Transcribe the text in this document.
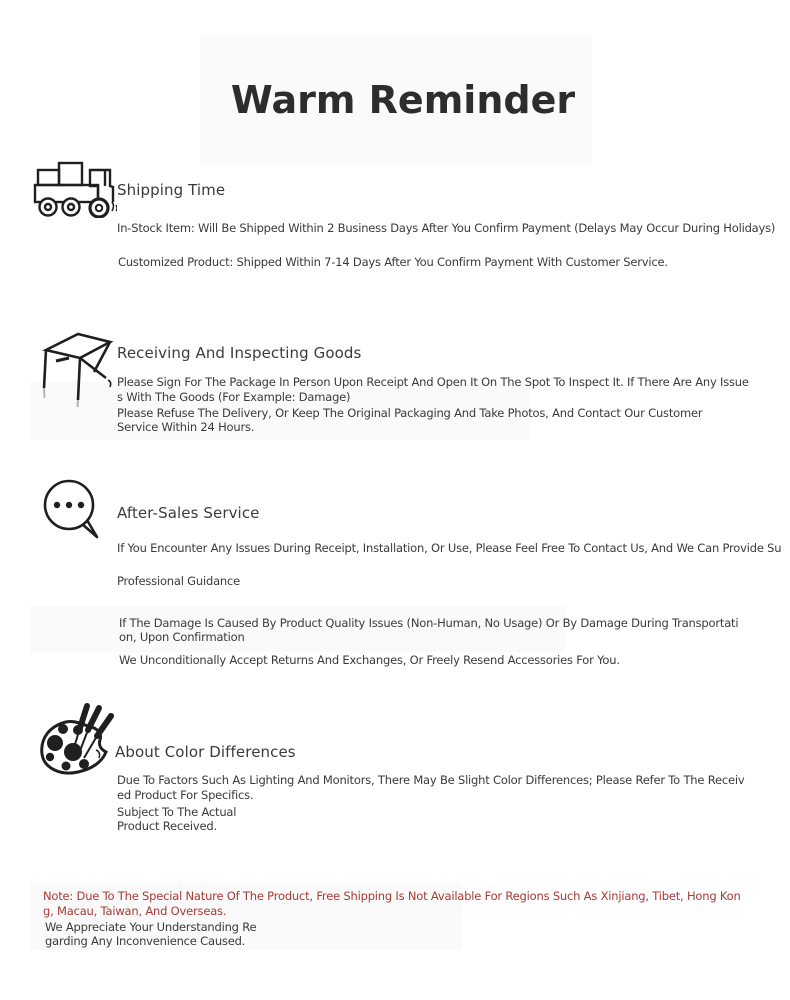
Warm Reminder
Shipping Time
In-Stock Item: Will Be Shipped Within 2 Business Days After You Confirm Payment (Delays May Occur During Holidays)
Customized Product: Shipped Within 7-14 Days After You Confirm Payment With Customer Service.
Receiving And Inspecting Goods
Please Sign For The Package In Person Upon Receipt And Open It On The Spot To Inspect It. If There Are Any Issue
s With The Goods (For Example: Damage)
Please Refuse The Delivery, Or Keep The Original Packaging And Take Photos, And Contact Our Customer
Service Within 24 Hours.
After-Sales Service
If You Encounter Any Issues During Receipt, Installation, Or Use, Please Feel Free To Contact Us, And We Can Provide Su
Professional Guidance
If The Damage Is Caused By Product Quality Issues (Non-Human, No Usage) Or By Damage During Transportati
on, Upon Confirmation
We Unconditionally Accept Returns And Exchanges, Or Freely Resend Accessories For You.
About Color Differences
Due To Factors Such As Lighting And Monitors, There May Be Slight Color Differences; Please Refer To The Receiv
ed Product For Specifics.
Subject To The Actual
Product Received.
Note: Due To The Special Nature Of The Product, Free Shipping Is Not Available For Regions Such As Xinjiang, Tibet, Hong Kon
g, Macau, Taiwan, And Overseas.
We Appreciate Your Understanding Re
garding Any Inconvenience Caused.
